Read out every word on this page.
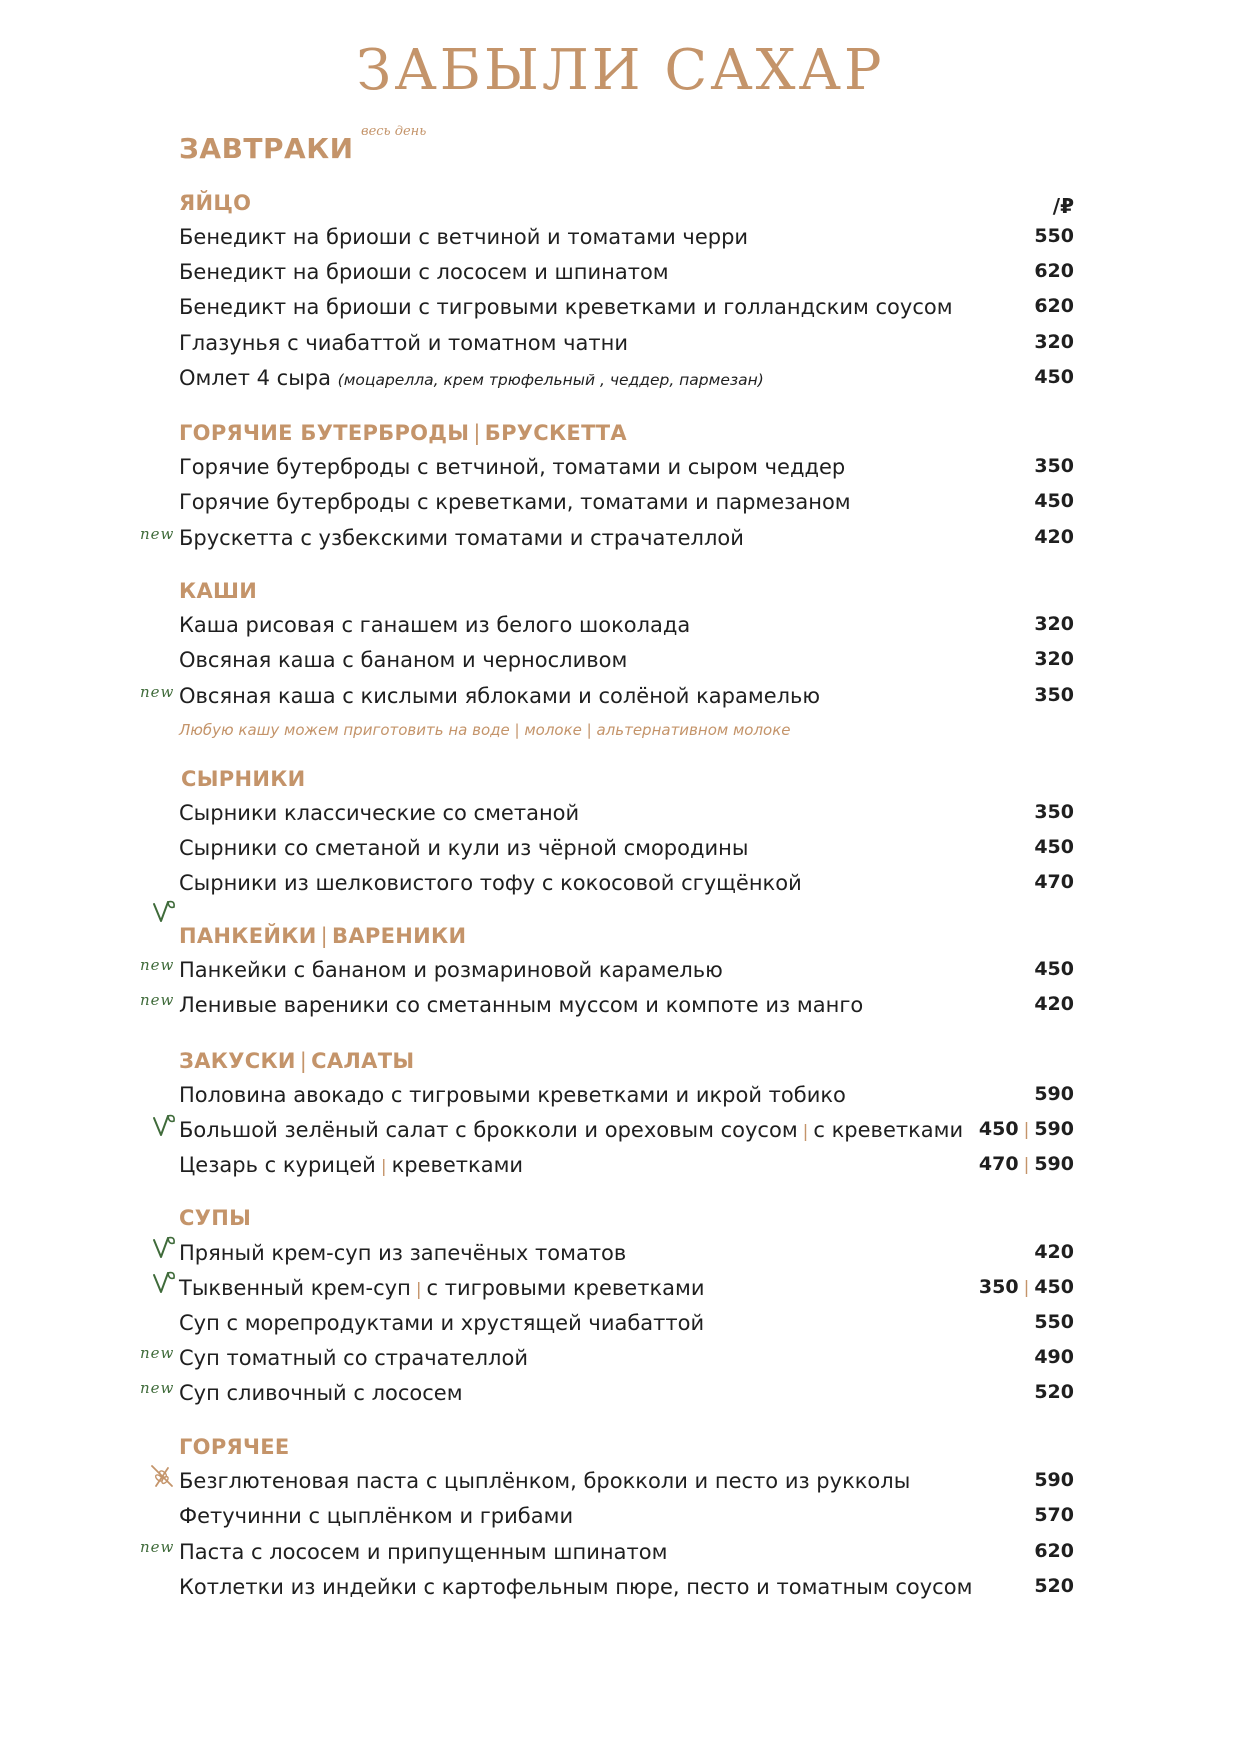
ЗАБЫЛИ САХАР
ЗАВТРАКИ
весь день
/₽
ЯЙЦО
Бенедикт на бриоши с ветчиной и томатами черри	550
Бенедикт на бриоши с лососем и шпинатом	620
Бенедикт на бриоши с тигровыми креветками и голландским соусом	620
Глазунья с чиабаттой и томатном чатни	320
Омлет 4 сыра (моцарелла, крем трюфельный , чеддер, пармезан)	450
ГОРЯЧИЕ БУТЕРБРОДЫ | БРУСКЕТТА
Горячие бутерброды с ветчиной, томатами и сыром чеддер	350
Горячие бутерброды с креветками, томатами и пармезаном	450
new Брускетта с узбекскими томатами и страчателлой	420
КАШИ
Каша рисовая с ганашем из белого шоколада	320
Овсяная каша с бананом и черносливом	320
new Овсяная каша с кислыми яблоками и солёной карамелью	350
Любую кашу можем приготовить на воде | молоке | альтернативном молоке
СЫРНИКИ
Сырники классические со сметаной	350
Сырники со сметаной и кули из чёрной смородины	450
Сырники из шелковистого тофу с кокосовой сгущёнкой	470
ПАНКЕЙКИ | ВАРЕНИКИ
new Панкейки с бананом и розмариновой карамелью	450
new Ленивые вареники со сметанным муссом и компоте из манго	420
ЗАКУСКИ | САЛАТЫ
Половина авокадо с тигровыми креветками и икрой тобико	590
Большой зелёный салат с брокколи и ореховым соусом | с креветками 450 | 590
Цезарь с курицей | креветками	470 | 590
СУПЫ
Пряный крем-суп из запечёных томатов	420
Тыквенный крем-суп | с тигровыми креветками	350 | 450
Суп с морепродуктами и хрустящей чиабаттой	550
new Суп томатный со страчателлой	490
new Суп сливочный с лососем	520
ГОРЯЧЕЕ
Безглютеновая паста с цыплёнком, брокколи и песто из рукколы	590
Фетучинни с цыплёнком и грибами	570
new Паста с лососем и припущенным шпинатом	620
Котлетки из индейки с картофельным пюре, песто и томатным соусом	520
